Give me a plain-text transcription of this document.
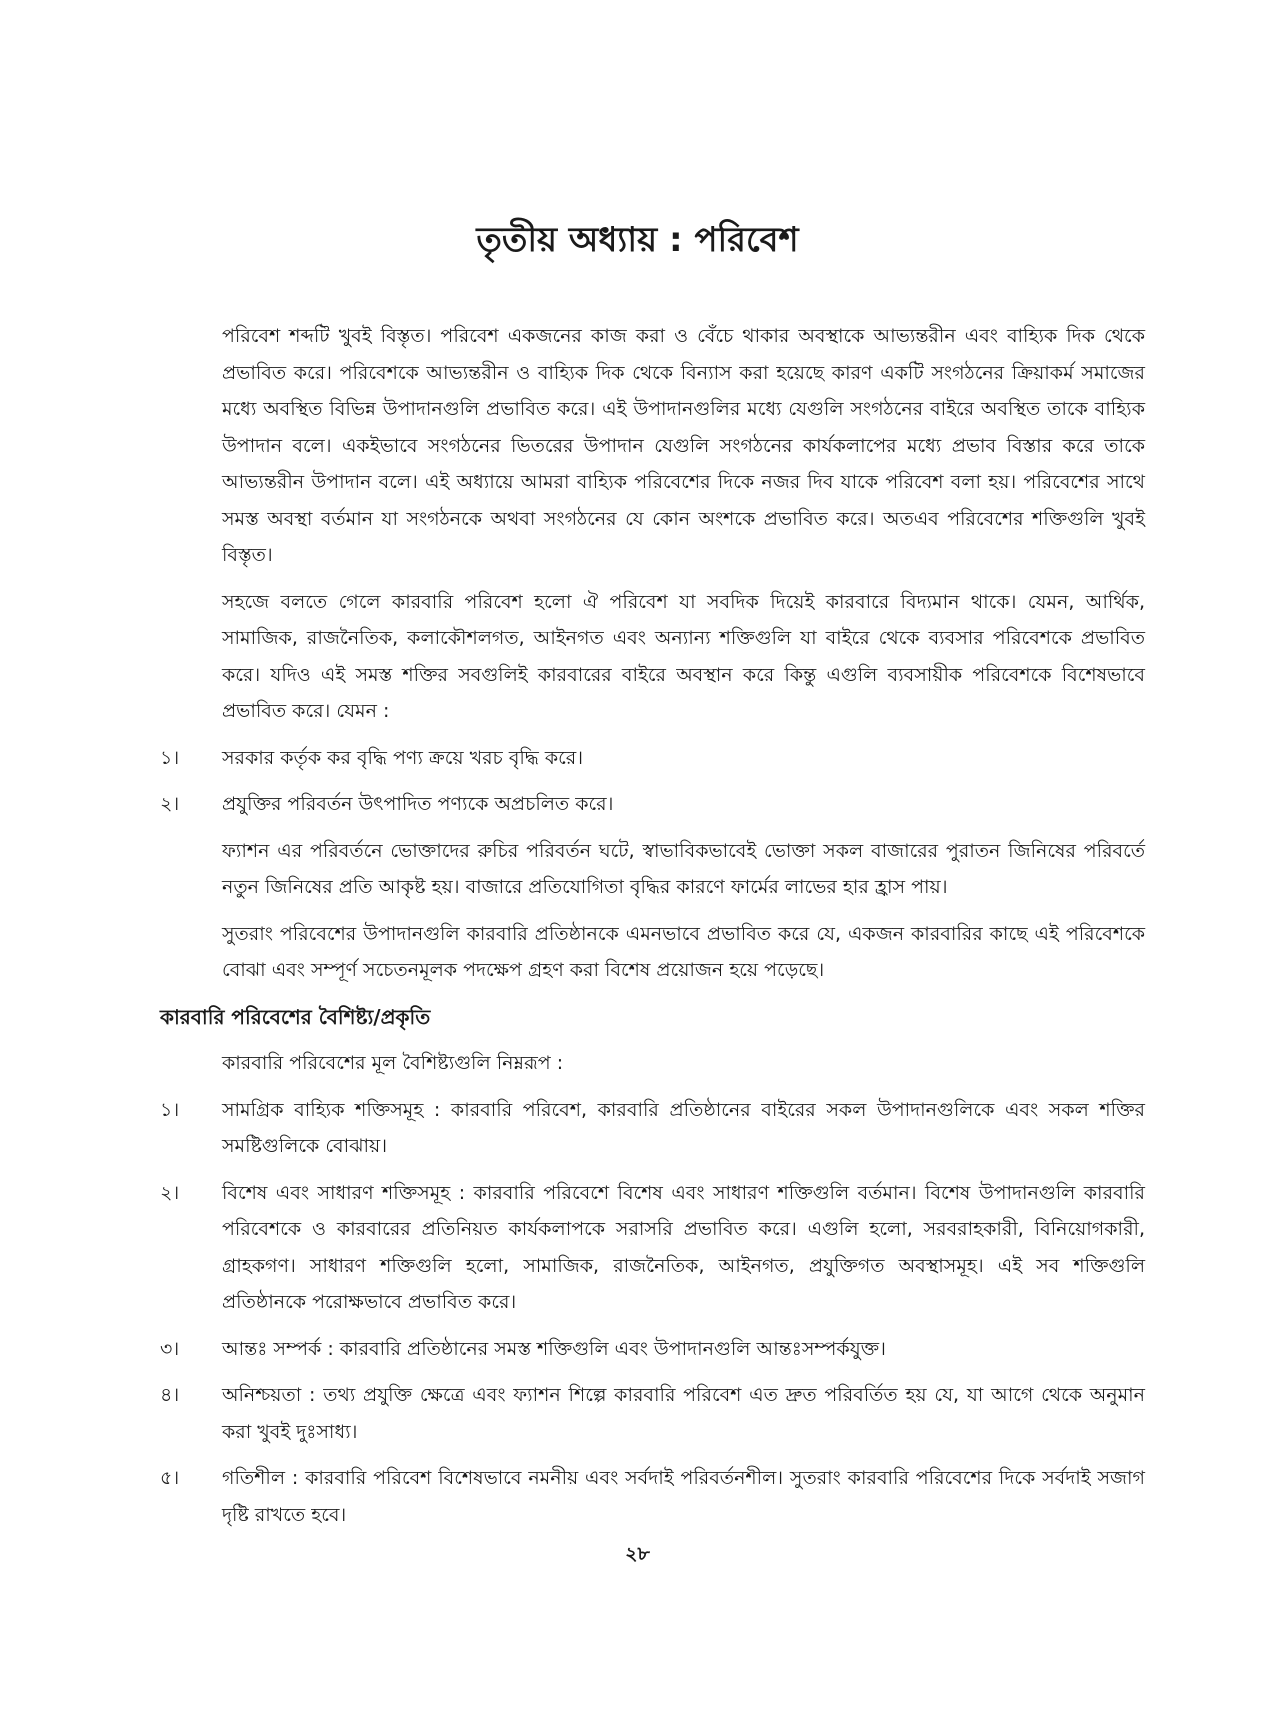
তৃতীয় অধ্যায় : পরিবেশ

পরিবেশ শব্দটি খুবই বিস্তৃত। পরিবেশ একজনের কাজ করা ও বেঁচে থাকার অবস্থাকে আভ্যন্তরীন এবং বাহ্যিক দিক থেকে প্রভাবিত করে। পরিবেশকে আভ্যন্তরীন ও বাহ্যিক দিক থেকে বিন্যাস করা হয়েছে কারণ একটি সংগঠনের ক্রিয়াকর্ম সমাজের মধ্যে অবস্থিত বিভিন্ন উপাদানগুলি প্রভাবিত করে। এই উপাদানগুলির মধ্যে যেগুলি সংগঠনের বাইরে অবস্থিত তাকে বাহ্যিক উপাদান বলে। একইভাবে সংগঠনের ভিতরের উপাদান যেগুলি সংগঠনের কার্যকলাপের মধ্যে প্রভাব বিস্তার করে তাকে আভ্যন্তরীন উপাদান বলে। এই অধ্যায়ে আমরা বাহ্যিক পরিবেশের দিকে নজর দিব যাকে পরিবেশ বলা হয়। পরিবেশের সাথে সমস্ত অবস্থা বর্তমান যা সংগঠনকে অথবা সংগঠনের যে কোন অংশকে প্রভাবিত করে। অতএব পরিবেশের শক্তিগুলি খুবই বিস্তৃত।

সহজে বলতে গেলে কারবারি পরিবেশ হলো ঐ পরিবেশ যা সবদিক দিয়েই কারবারে বিদ্যমান থাকে। যেমন, আর্থিক, সামাজিক, রাজনৈতিক, কলাকৌশলগত, আইনগত এবং অন্যান্য শক্তিগুলি যা বাইরে থেকে ব্যবসার পরিবেশকে প্রভাবিত করে। যদিও এই সমস্ত শক্তির সবগুলিই কারবারের বাইরে অবস্থান করে কিন্তু এগুলি ব্যবসায়ীক পরিবেশকে বিশেষভাবে প্রভাবিত করে। যেমন :

১।	সরকার কর্তৃক কর বৃদ্ধি পণ্য ক্রয়ে খরচ বৃদ্ধি করে।
২।	প্রযুক্তির পরিবর্তন উৎপাদিত পণ্যকে অপ্রচলিত করে।

ফ্যাশন এর পরিবর্তনে ভোক্তাদের রুচির পরিবর্তন ঘটে, স্বাভাবিকভাবেই ভোক্তা সকল বাজারের পুরাতন জিনিষের পরিবর্তে নতুন জিনিষের প্রতি আকৃষ্ট হয়। বাজারে প্রতিযোগিতা বৃদ্ধির কারণে ফার্মের লাভের হার হ্রাস পায়।

সুতরাং পরিবেশের উপাদানগুলি কারবারি প্রতিষ্ঠানকে এমনভাবে প্রভাবিত করে যে, একজন কারবারির কাছে এই পরিবেশকে বোঝা এবং সম্পূর্ণ সচেতনমূলক পদক্ষেপ গ্রহণ করা বিশেষ প্রয়োজন হয়ে পড়েছে।

কারবারি পরিবেশের বৈশিষ্ট্য/প্রকৃতি

কারবারি পরিবেশের মূল বৈশিষ্ট্যগুলি নিম্নরূপ :

১।	সামগ্রিক বাহ্যিক শক্তিসমূহ : কারবারি পরিবেশ, কারবারি প্রতিষ্ঠানের বাইরের সকল উপাদানগুলিকে এবং সকল শক্তির সমষ্টিগুলিকে বোঝায়।
২।	বিশেষ এবং সাধারণ শক্তিসমূহ : কারবারি পরিবেশে বিশেষ এবং সাধারণ শক্তিগুলি বর্তমান। বিশেষ উপাদানগুলি কারবারি পরিবেশকে ও কারবারের প্রতিনিয়ত কার্যকলাপকে সরাসরি প্রভাবিত করে। এগুলি হলো, সরবরাহকারী, বিনিয়োগকারী, গ্রাহকগণ। সাধারণ শক্তিগুলি হলো, সামাজিক, রাজনৈতিক, আইনগত, প্রযুক্তিগত অবস্থাসমূহ। এই সব শক্তিগুলি প্রতিষ্ঠানকে পরোক্ষভাবে প্রভাবিত করে।
৩।	আন্তঃ সম্পর্ক : কারবারি প্রতিষ্ঠানের সমস্ত শক্তিগুলি এবং উপাদানগুলি আন্তঃসম্পর্কযুক্ত।
৪।	অনিশ্চয়তা : তথ্য প্রযুক্তি ক্ষেত্রে এবং ফ্যাশন শিল্পে কারবারি পরিবেশ এত দ্রুত পরিবর্তিত হয় যে, যা আগে থেকে অনুমান করা খুবই দুঃসাধ্য।
৫।	গতিশীল : কারবারি পরিবেশ বিশেষভাবে নমনীয় এবং সর্বদাই পরিবর্তনশীল। সুতরাং কারবারি পরিবেশের দিকে সর্বদাই সজাগ দৃষ্টি রাখতে হবে।
২৮
